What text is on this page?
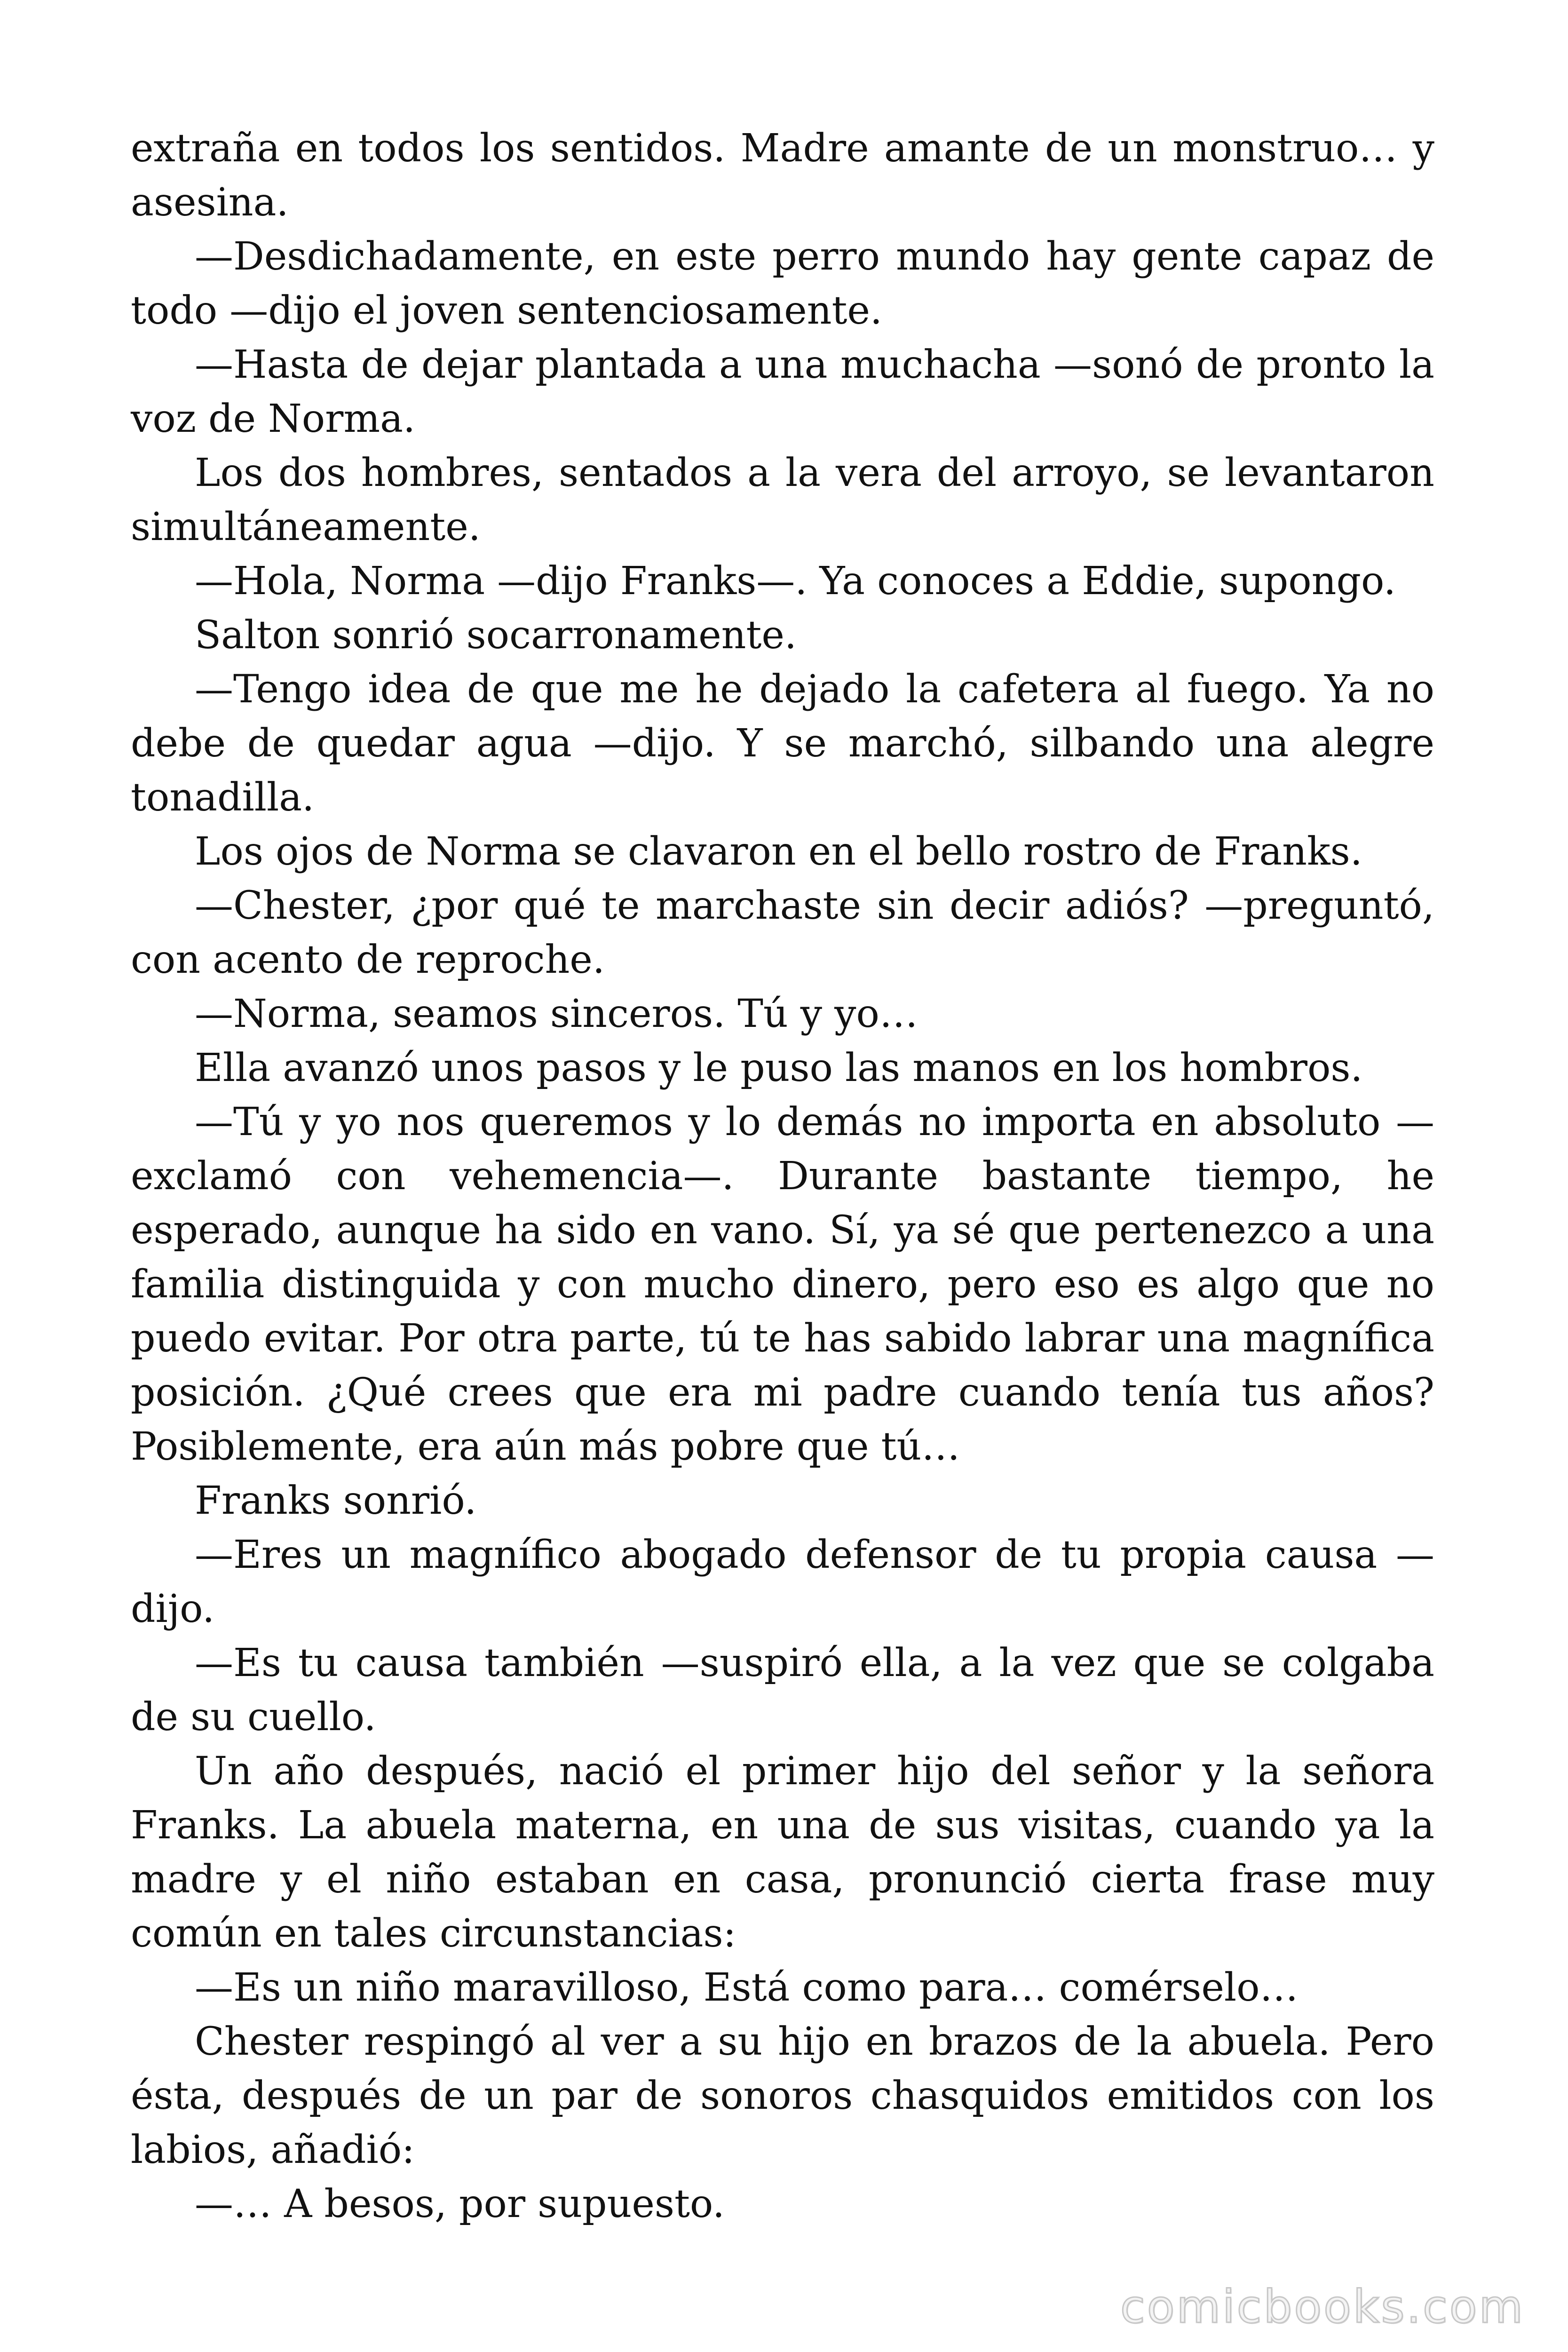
extraña en todos los sentidos. Madre amante de un monstruo… y asesina.

—Desdichadamente, en este perro mundo hay gente capaz de todo —dijo el joven sentenciosamente.

—Hasta de dejar plantada a una muchacha —sonó de pronto la voz de Norma.

Los dos hombres, sentados a la vera del arroyo, se levantaron simultáneamente.

—Hola, Norma —dijo Franks—. Ya conoces a Eddie, supongo.

Salton sonrió socarronamente.

—Tengo idea de que me he dejado la cafetera al fuego. Ya no debe de quedar agua —dijo. Y se marchó, silbando una alegre tonadilla.

Los ojos de Norma se clavaron en el bello rostro de Franks.

—Chester, ¿por qué te marchaste sin decir adiós? —preguntó, con acento de reproche.

—Norma, seamos sinceros. Tú y yo…

Ella avanzó unos pasos y le puso las manos en los hombros.

—Tú y yo nos queremos y lo demás no importa en absoluto —exclamó con vehemencia—. Durante bastante tiempo, he esperado, aunque ha sido en vano. Sí, ya sé que pertenezco a una familia distinguida y con mucho dinero, pero eso es algo que no puedo evitar. Por otra parte, tú te has sabido labrar una magnífica posición. ¿Qué crees que era mi padre cuando tenía tus años? Posiblemente, era aún más pobre que tú…

Franks sonrió.

—Eres un magnífico abogado defensor de tu propia causa —dijo.

—Es tu causa también —suspiró ella, a la vez que se colgaba de su cuello.

Un año después, nació el primer hijo del señor y la señora Franks. La abuela materna, en una de sus visitas, cuando ya la madre y el niño estaban en casa, pronunció cierta frase muy común en tales circunstancias:

—Es un niño maravilloso, Está como para… comérselo…

Chester respingó al ver a su hijo en brazos de la abuela. Pero ésta, después de un par de sonoros chasquidos emitidos con los labios, añadió:

—… A besos, por supuesto.

comicbooks.com
